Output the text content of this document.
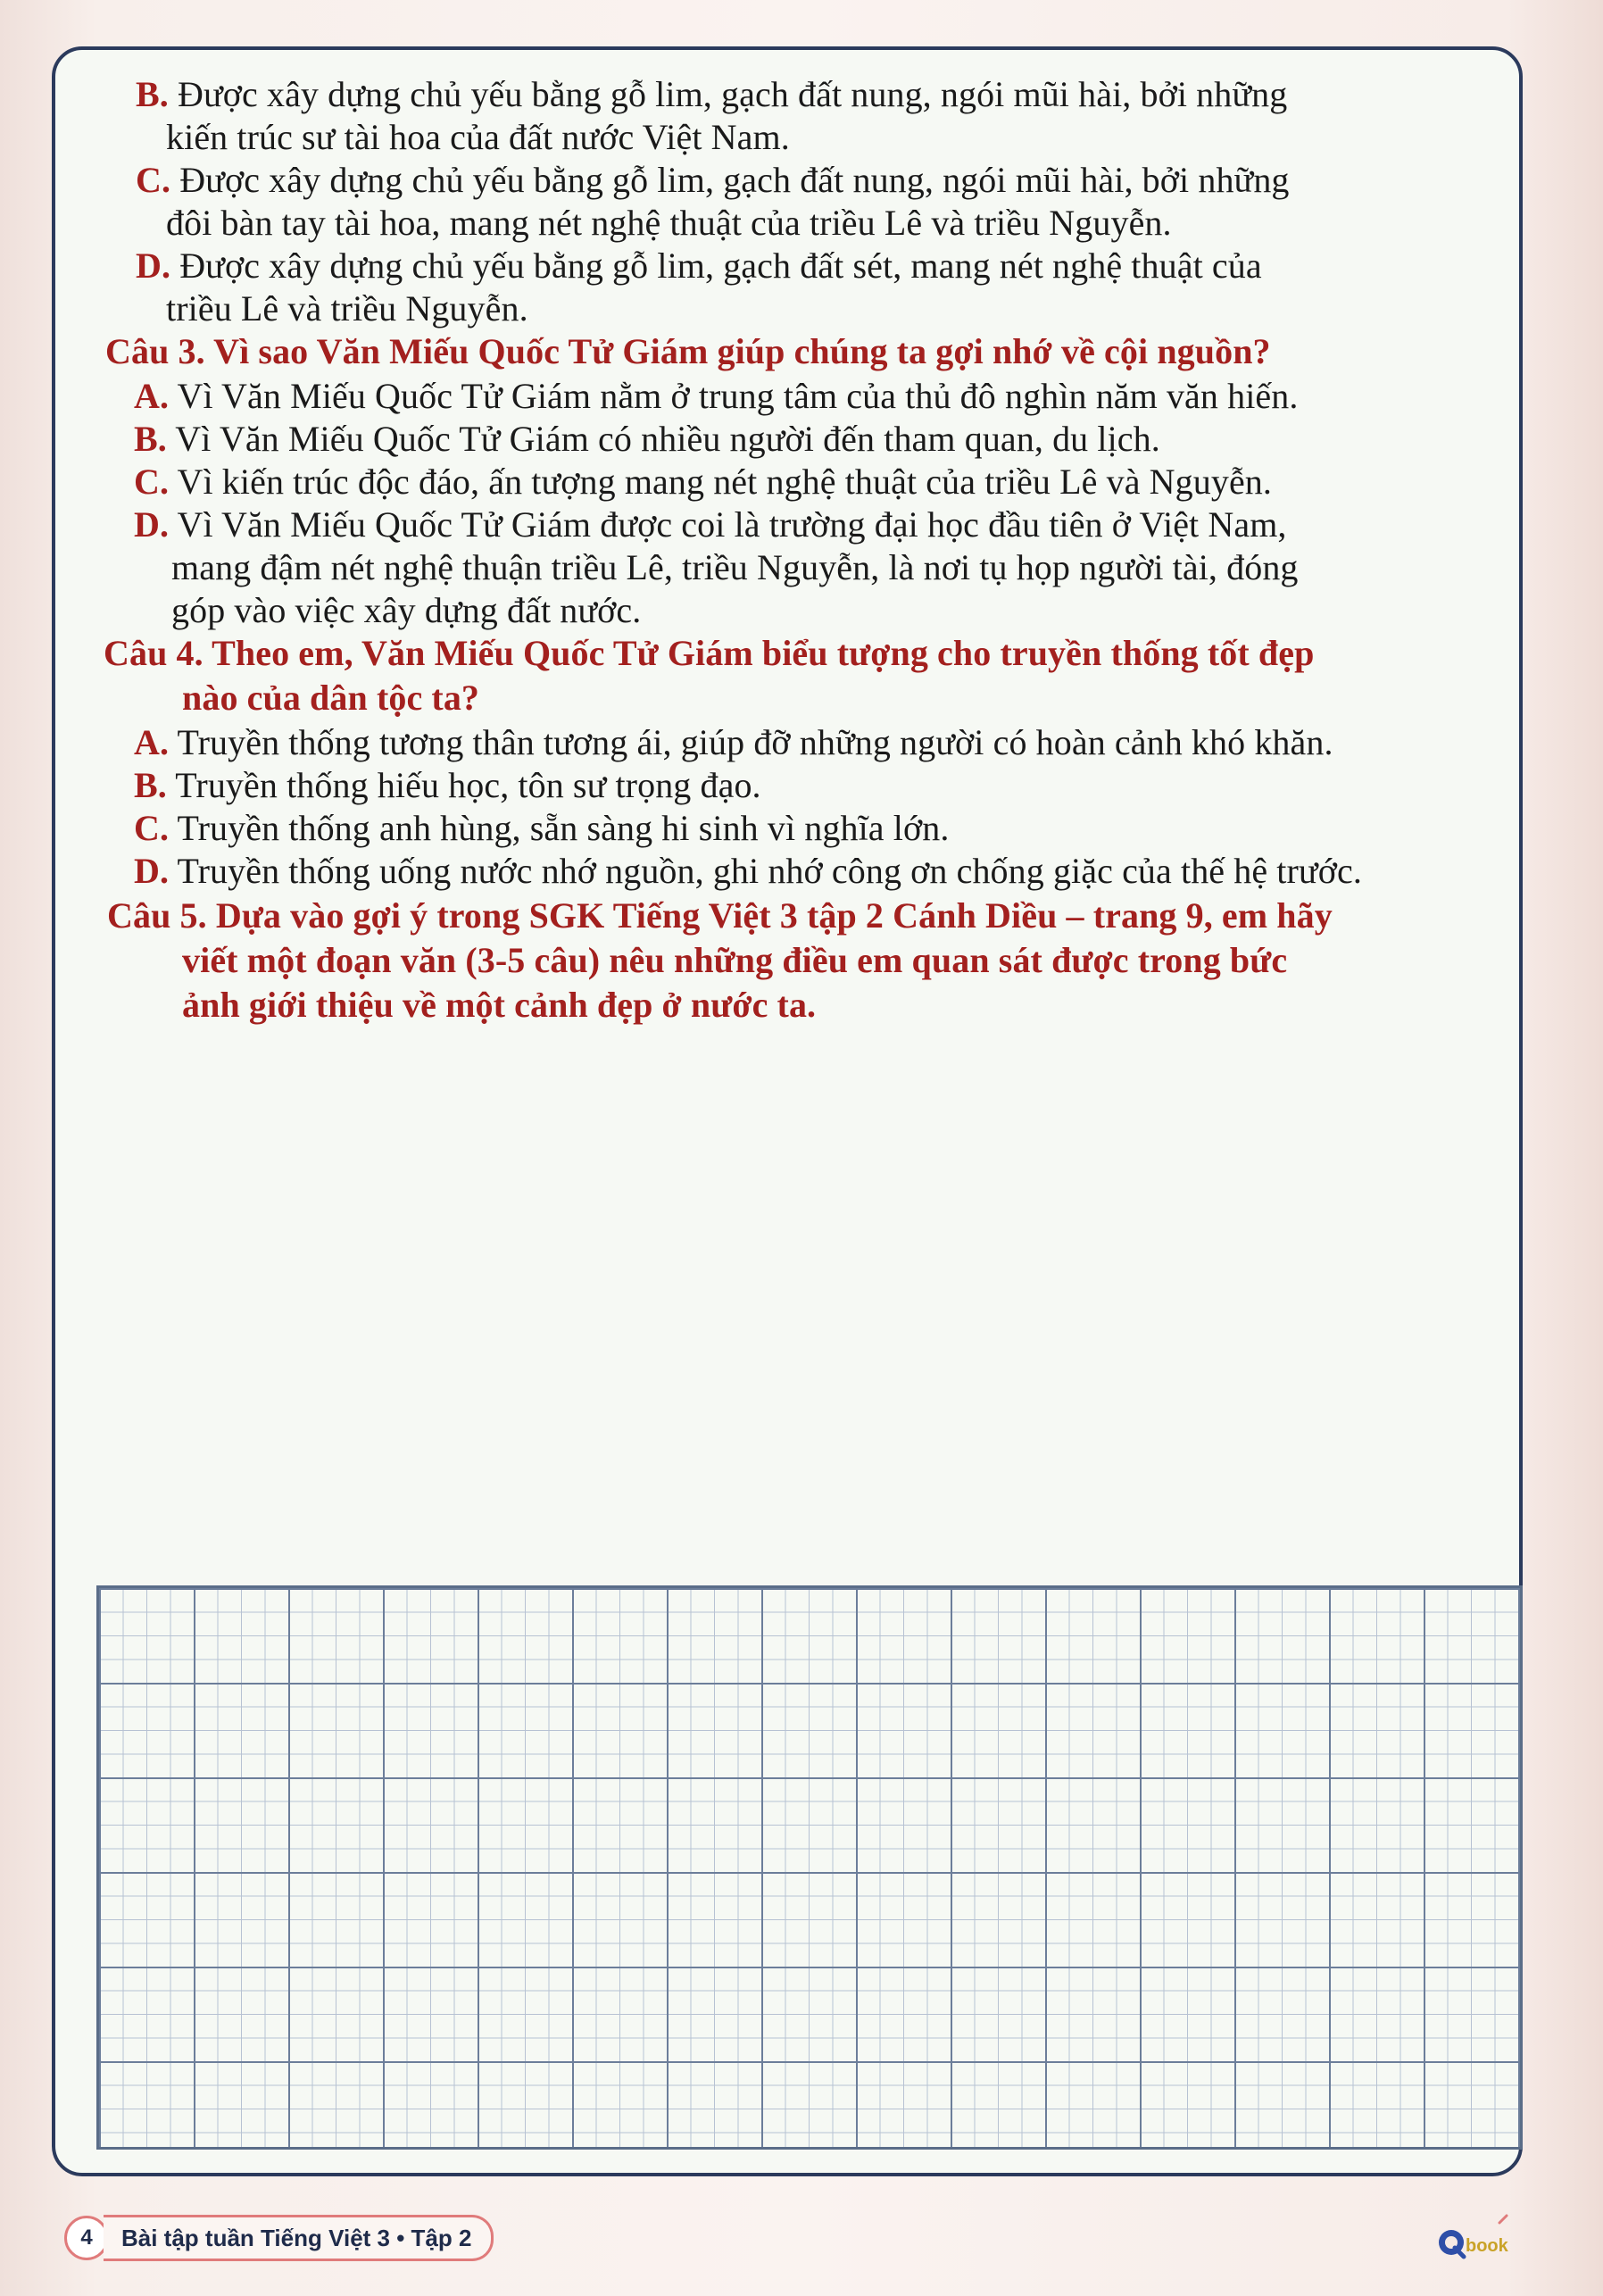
B. Được xây dựng chủ yếu bằng gỗ lim, gạch đất nung, ngói mũi hài, bởi những
kiến trúc sư tài hoa của đất nước Việt Nam.
C. Được xây dựng chủ yếu bằng gỗ lim, gạch đất nung, ngói mũi hài, bởi những
đôi bàn tay tài hoa, mang nét nghệ thuật của triều Lê và triều Nguyễn.
D. Được xây dựng chủ yếu bằng gỗ lim, gạch đất sét, mang nét nghệ thuật của
triều Lê và triều Nguyễn.
Câu 3. Vì sao Văn Miếu Quốc Tử Giám giúp chúng ta gợi nhớ về cội nguồn?
A. Vì Văn Miếu Quốc Tử Giám nằm ở trung tâm của thủ đô nghìn năm văn hiến.
B. Vì Văn Miếu Quốc Tử Giám có nhiều người đến tham quan, du lịch.
C. Vì kiến trúc độc đáo, ấn tượng mang nét nghệ thuật của triều Lê và Nguyễn.
D. Vì Văn Miếu Quốc Tử Giám được coi là trường đại học đầu tiên ở Việt Nam,
mang đậm nét nghệ thuận triều Lê, triều Nguyễn, là nơi tụ họp người tài, đóng
góp vào việc xây dựng đất nước.
Câu 4. Theo em, Văn Miếu Quốc Tử Giám biểu tượng cho truyền thống tốt đẹp
nào của dân tộc ta?
A. Truyền thống tương thân tương ái, giúp đỡ những người có hoàn cảnh khó khăn.
B. Truyền thống hiếu học, tôn sư trọng đạo.
C. Truyền thống anh hùng, sẵn sàng hi sinh vì nghĩa lớn.
D. Truyền thống uống nước nhớ nguồn, ghi nhớ công ơn chống giặc của thế hệ trước.
Câu 5. Dựa vào gợi ý trong SGK Tiếng Việt 3 tập 2 Cánh Diều – trang 9, em hãy
viết một đoạn văn (3-5 câu) nêu những điều em quan sát được trong bức
ảnh giới thiệu về một cảnh đẹp ở nước ta.
4	Bài tập tuần Tiếng Việt 3 • Tập 2	book
